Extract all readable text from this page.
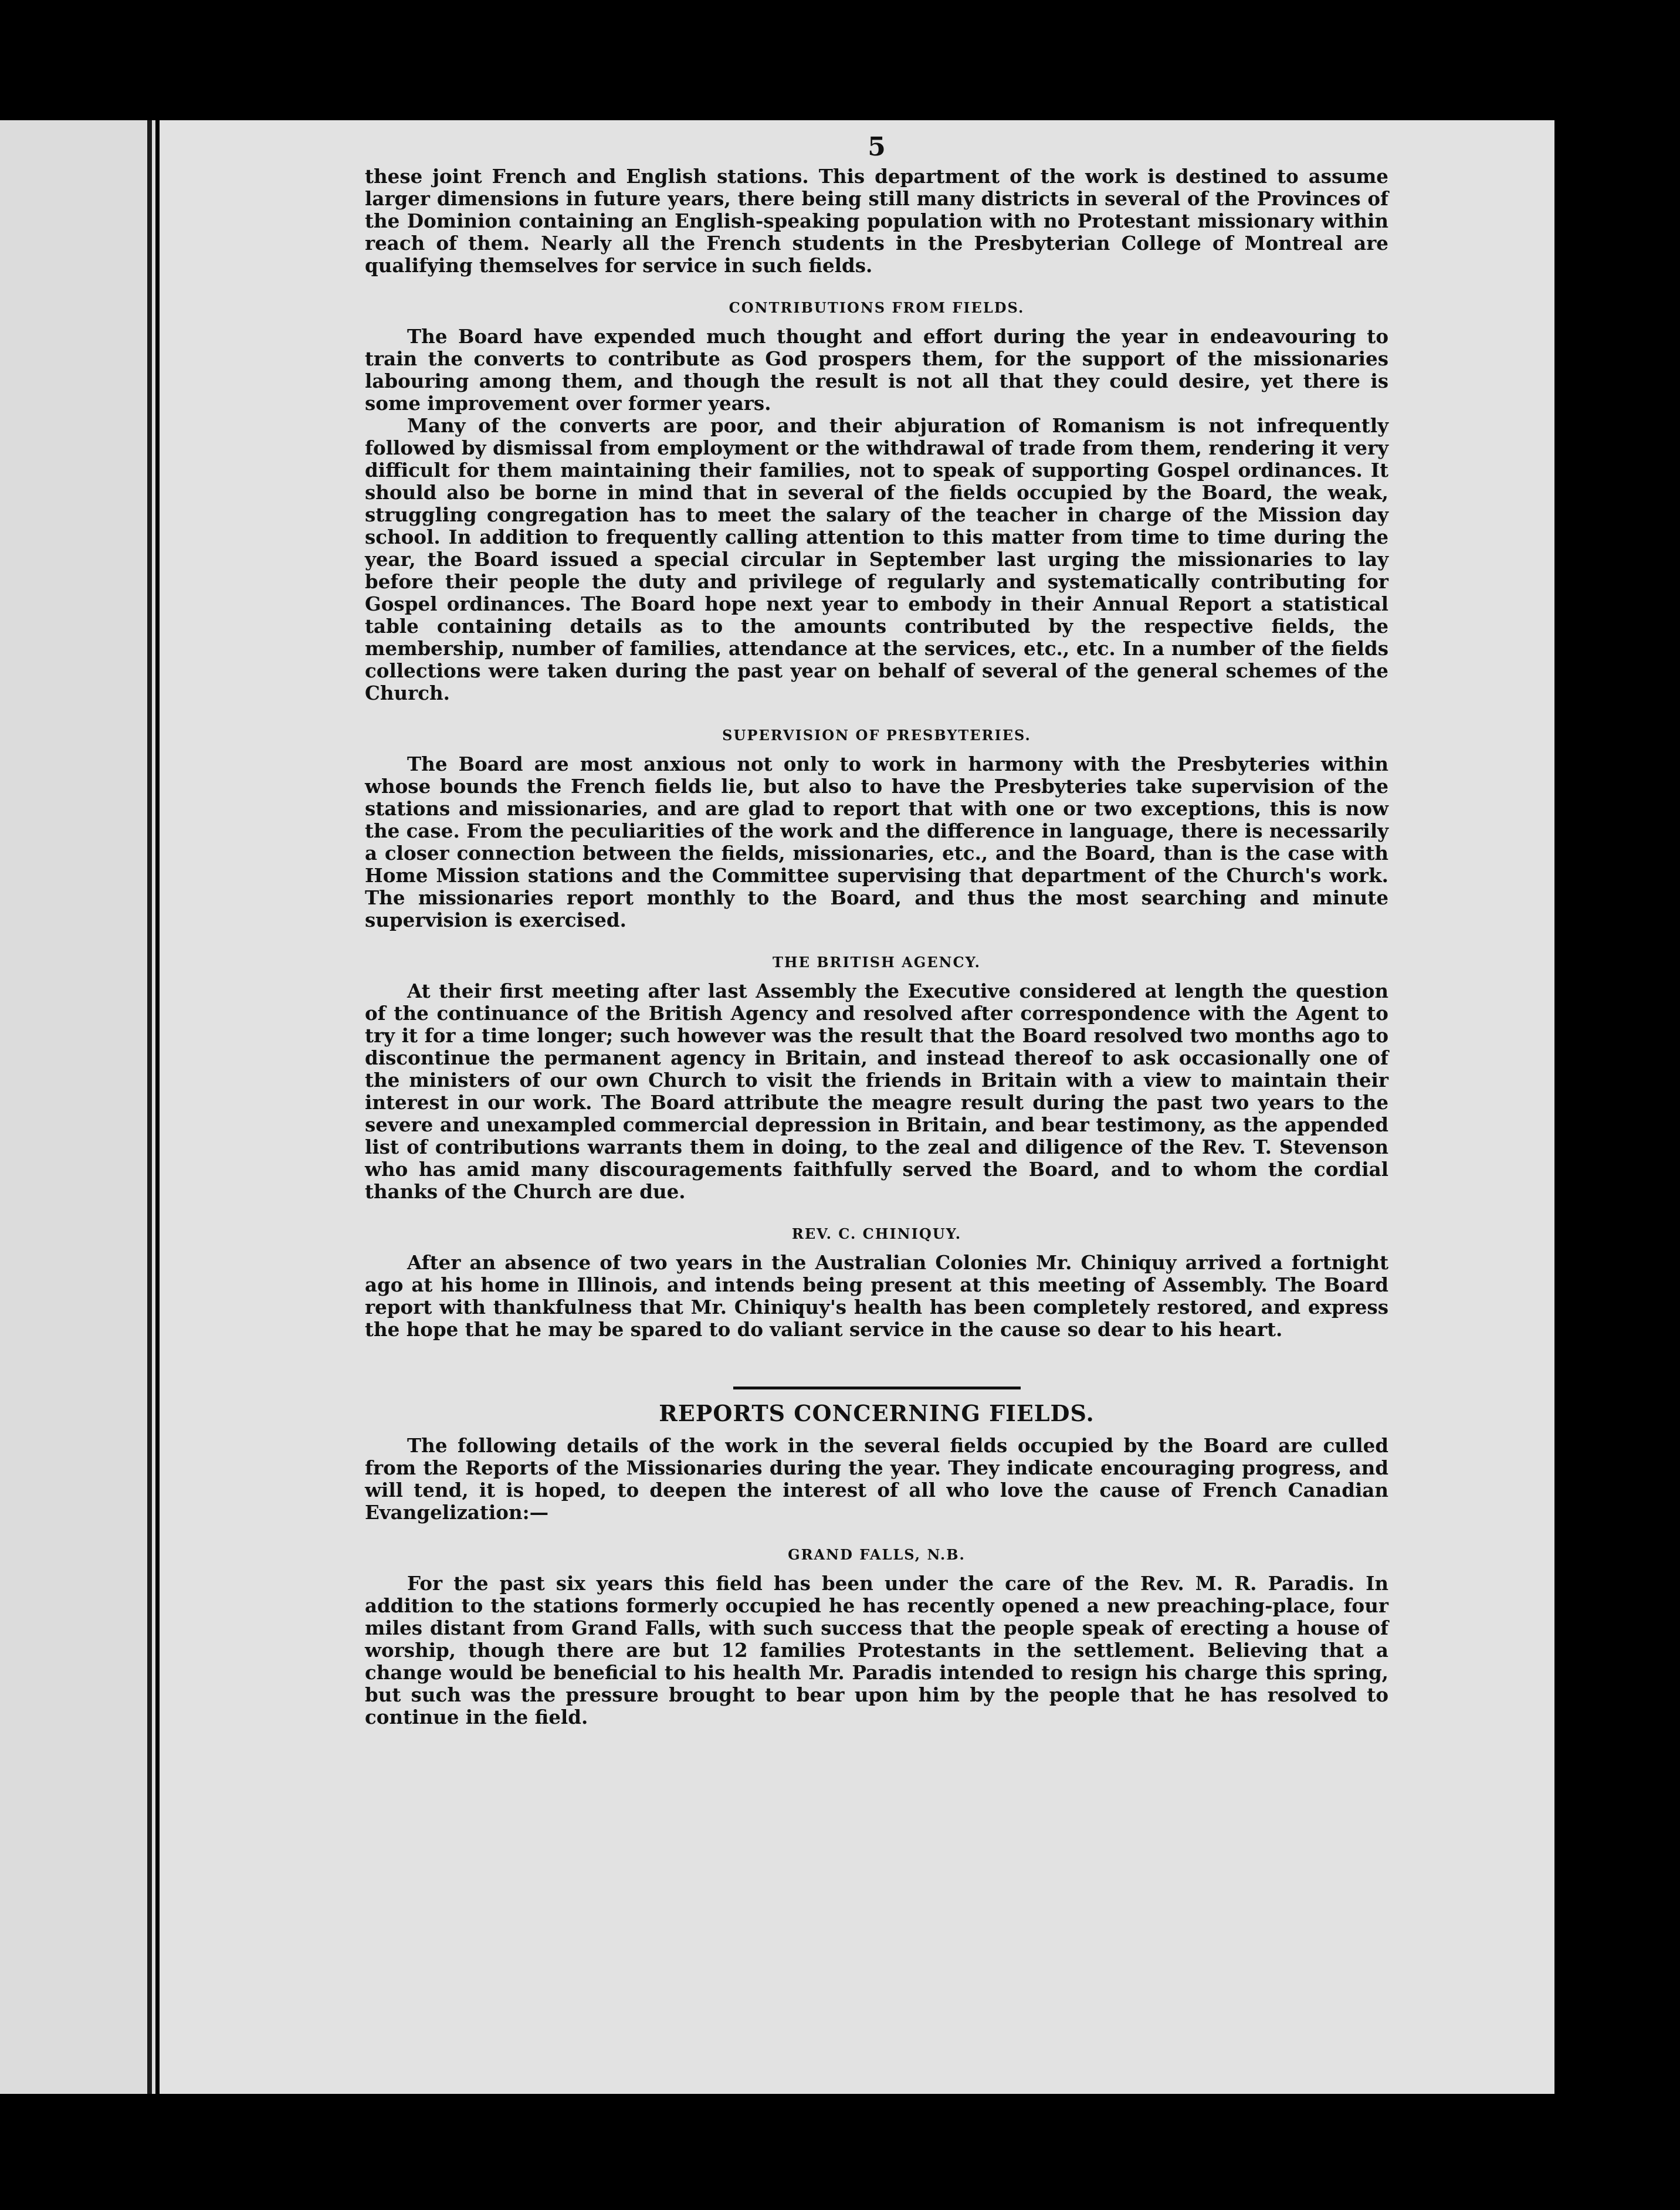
5

these joint French and English stations. This department of the work is destined to assume larger dimensions in future years, there being still many districts in several of the Provinces of the Dominion containing an English-speaking population with no Protestant missionary within reach of them. Nearly all the French students in the Presbyterian College of Montreal are qualifying themselves for service in such fields.

CONTRIBUTIONS FROM FIELDS.

The Board have expended much thought and effort during the year in endeavouring to train the converts to contribute as God prospers them, for the support of the missionaries labouring among them, and though the result is not all that they could desire, yet there is some improvement over former years.

Many of the converts are poor, and their abjuration of Romanism is not infrequently followed by dismissal from employment or the withdrawal of trade from them, rendering it very difficult for them maintaining their families, not to speak of supporting Gospel ordinances. It should also be borne in mind that in several of the fields occupied by the Board, the weak, struggling congregation has to meet the salary of the teacher in charge of the Mission day school. In addition to frequently calling attention to this matter from time to time during the year, the Board issued a special circular in September last urging the missionaries to lay before their people the duty and privilege of regularly and systematically contributing for Gospel ordinances. The Board hope next year to embody in their Annual Report a statistical table containing details as to the amounts contributed by the respective fields, the membership, number of families, attendance at the services, etc., etc. In a number of the fields collections were taken during the past year on behalf of several of the general schemes of the Church.

SUPERVISION OF PRESBYTERIES.

The Board are most anxious not only to work in harmony with the Presbyteries within whose bounds the French fields lie, but also to have the Presbyteries take supervision of the stations and missionaries, and are glad to report that with one or two exceptions, this is now the case. From the peculiarities of the work and the difference in language, there is necessarily a closer connection between the fields, missionaries, etc., and the Board, than is the case with Home Mission stations and the Committee supervising that department of the Church's work. The missionaries report monthly to the Board, and thus the most searching and minute supervision is exercised.

THE BRITISH AGENCY.

At their first meeting after last Assembly the Executive considered at length the question of the continuance of the British Agency and resolved after correspondence with the Agent to try it for a time longer; such however was the result that the Board resolved two months ago to discontinue the permanent agency in Britain, and instead thereof to ask occasionally one of the ministers of our own Church to visit the friends in Britain with a view to maintain their interest in our work. The Board attribute the meagre result during the past two years to the severe and unexampled commercial depression in Britain, and bear testimony, as the appended list of contributions warrants them in doing, to the zeal and diligence of the Rev. T. Stevenson who has amid many discouragements faithfully served the Board, and to whom the cordial thanks of the Church are due.

REV. C. CHINIQUY.

After an absence of two years in the Australian Colonies Mr. Chiniquy arrived a fortnight ago at his home in Illinois, and intends being present at this meeting of Assembly. The Board report with thankfulness that Mr. Chiniquy's health has been completely restored, and express the hope that he may be spared to do valiant service in the cause so dear to his heart.

REPORTS CONCERNING FIELDS.

The following details of the work in the several fields occupied by the Board are culled from the Reports of the Missionaries during the year. They indicate encouraging progress, and will tend, it is hoped, to deepen the interest of all who love the cause of French Canadian Evangelization:—

GRAND FALLS, N.B.

For the past six years this field has been under the care of the Rev. M. R. Paradis. In addition to the stations formerly occupied he has recently opened a new preaching-place, four miles distant from Grand Falls, with such success that the people speak of erecting a house of worship, though there are but 12 families Protestants in the settlement. Believing that a change would be beneficial to his health Mr. Paradis intended to resign his charge this spring, but such was the pressure brought to bear upon him by the people that he has resolved to continue in the field.
